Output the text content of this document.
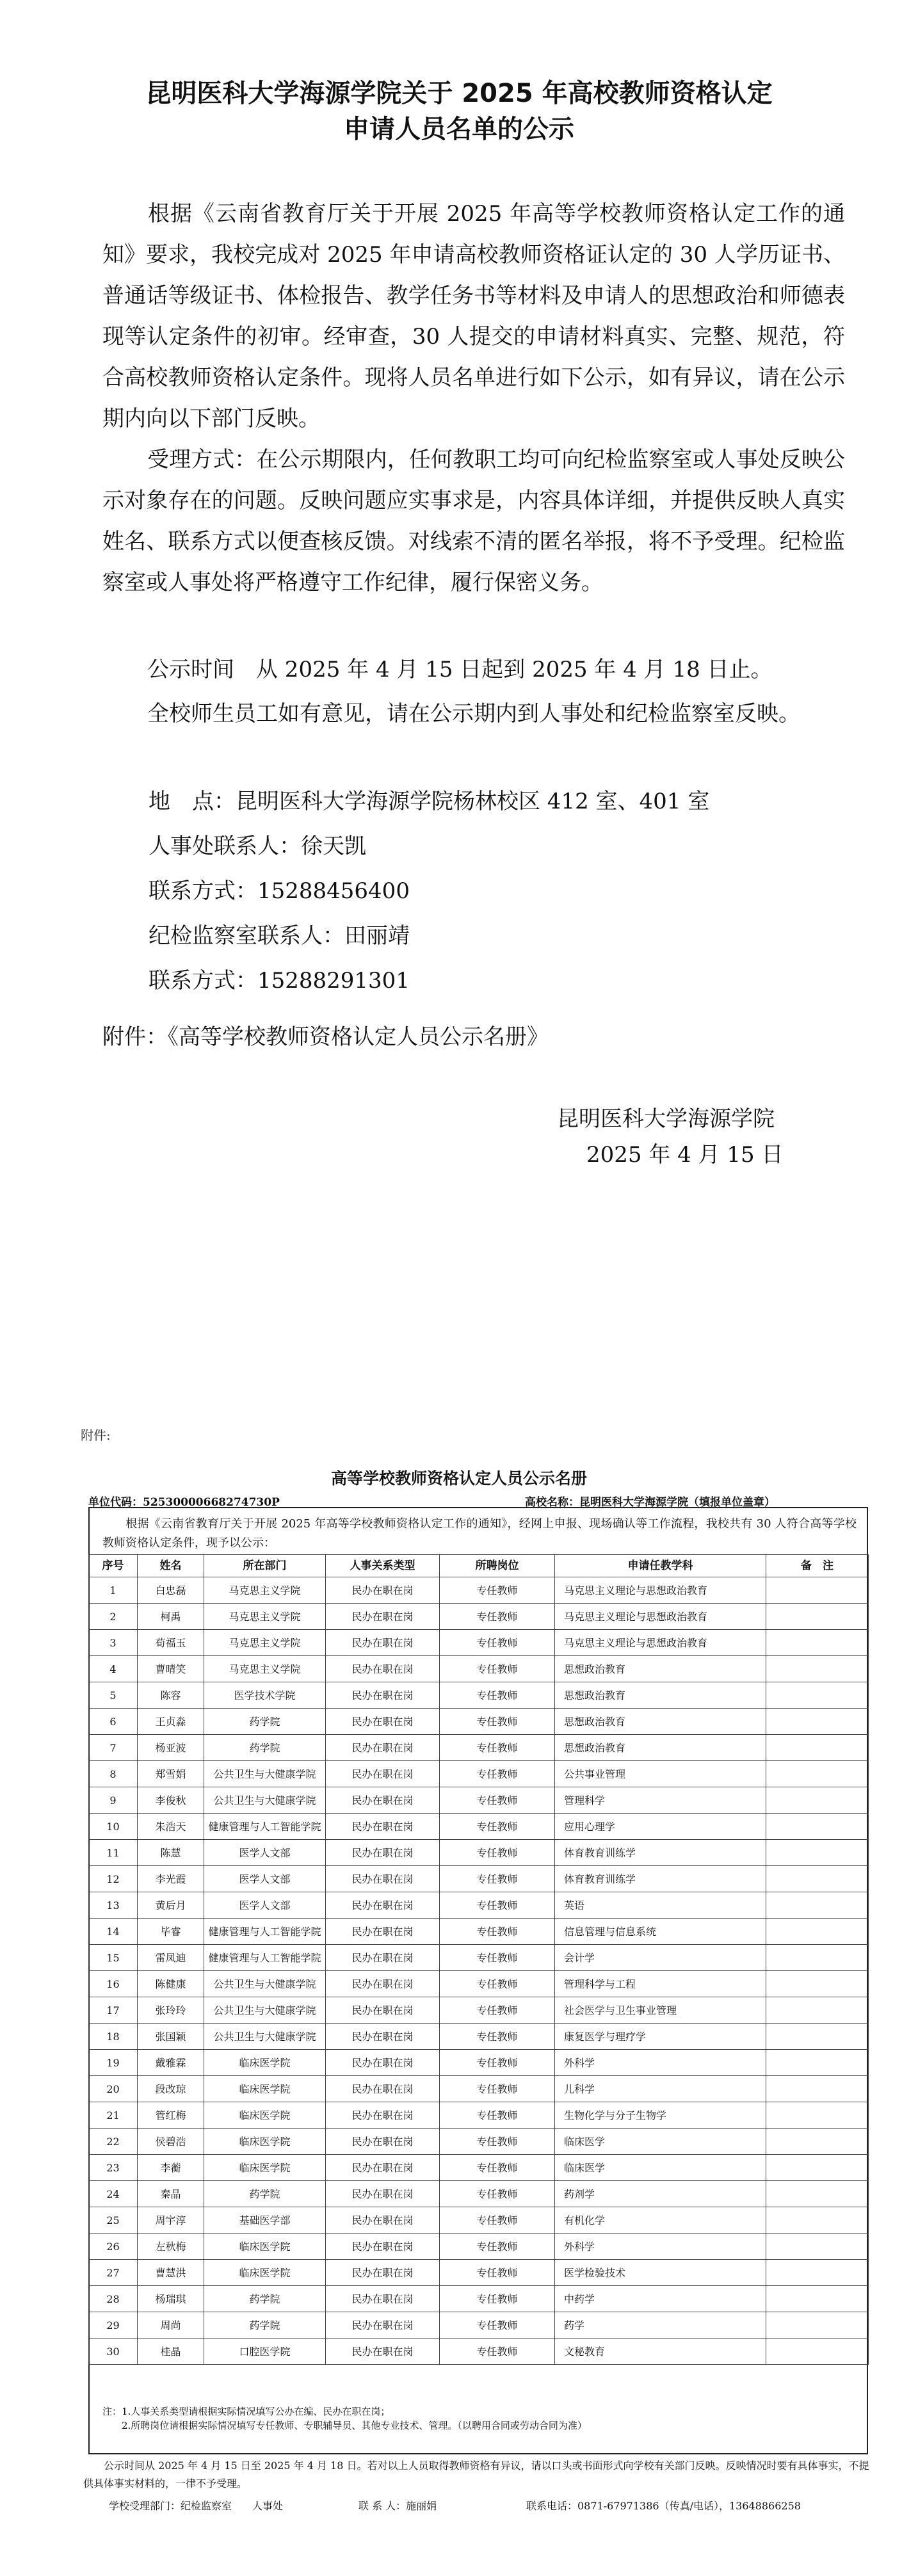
昆明医科大学海源学院关于 2025 年高校教师资格认定
申请人员名单的公示

根据《云南省教育厅关于开展 2025 年高等学校教师资格认定工作的通知》要求，我校完成对 2025 年申请高校教师资格证认定的 30 人学历证书、普通话等级证书、体检报告、教学任务书等材料及申请人的思想政治和师德表现等认定条件的初审。经审查，30 人提交的申请材料真实、完整、规范，符合高校教师资格认定条件。现将人员名单进行如下公示，如有异议，请在公示期内向以下部门反映。

受理方式：在公示期限内，任何教职工均可向纪检监察室或人事处反映公示对象存在的问题。反映问题应实事求是，内容具体详细，并提供反映人真实姓名、联系方式以便查核反馈。对线索不清的匿名举报，将不予受理。纪检监察室或人事处将严格遵守工作纪律，履行保密义务。

公示时间　从 2025 年 4 月 15 日起到 2025 年 4 月 18 日止。

全校师生员工如有意见，请在公示期内到人事处和纪检监察室反映。

地　点：昆明医科大学海源学院杨林校区 412 室、401 室
人事处联系人：徐天凯
联系方式：15288456400
纪检监察室联系人：田丽靖
联系方式：15288291301
附件：《高等学校教师资格认定人员公示名册》
昆明医科大学海源学院
2025 年 4 月 15 日
附件:
高等学校教师资格认定人员公示名册
单位代码：52530000668274730P	高校名称：昆明医科大学海源学院（填报单位盖章）

根据《云南省教育厅关于开展 2025 年高等学校教师资格认定工作的通知》，经网上申报、现场确认等工作流程，我校共有 30 人符合高等学校教师资格认定条件，现予以公示：

序号	姓名	所在部门	人事关系类型	所聘岗位	申请任教学科	备　注
1	白忠磊	马克思主义学院	民办在职在岗	专任教师	马克思主义理论与思想政治教育	
2	柯禹	马克思主义学院	民办在职在岗	专任教师	马克思主义理论与思想政治教育	
3	荀福玉	马克思主义学院	民办在职在岗	专任教师	马克思主义理论与思想政治教育	
4	曹晴笑	马克思主义学院	民办在职在岗	专任教师	思想政治教育	
5	陈容	医学技术学院	民办在职在岗	专任教师	思想政治教育	
6	王贞淼	药学院	民办在职在岗	专任教师	思想政治教育	
7	杨亚波	药学院	民办在职在岗	专任教师	思想政治教育	
8	郑雪娟	公共卫生与大健康学院	民办在职在岗	专任教师	公共事业管理	
9	李俊秋	公共卫生与大健康学院	民办在职在岗	专任教师	管理科学	
10	朱浩天	健康管理与人工智能学院	民办在职在岗	专任教师	应用心理学	
11	陈慧	医学人文部	民办在职在岗	专任教师	体育教育训练学	
12	李光霞	医学人文部	民办在职在岗	专任教师	体育教育训练学	
13	黄后月	医学人文部	民办在职在岗	专任教师	英语	
14	毕睿	健康管理与人工智能学院	民办在职在岗	专任教师	信息管理与信息系统	
15	雷凤迪	健康管理与人工智能学院	民办在职在岗	专任教师	会计学	
16	陈健康	公共卫生与大健康学院	民办在职在岗	专任教师	管理科学与工程	
17	张玲玲	公共卫生与大健康学院	民办在职在岗	专任教师	社会医学与卫生事业管理	
18	张国颖	公共卫生与大健康学院	民办在职在岗	专任教师	康复医学与理疗学	
19	戴雅霖	临床医学院	民办在职在岗	专任教师	外科学	
20	段改琼	临床医学院	民办在职在岗	专任教师	儿科学	
21	管红梅	临床医学院	民办在职在岗	专任教师	生物化学与分子生物学	
22	侯碧浩	临床医学院	民办在职在岗	专任教师	临床医学	
23	李蘅	临床医学院	民办在职在岗	专任教师	临床医学	
24	秦晶	药学院	民办在职在岗	专任教师	药剂学	
25	周宇淳	基础医学部	民办在职在岗	专任教师	有机化学	
26	左秋梅	临床医学院	民办在职在岗	专任教师	外科学	
27	曹慧洪	临床医学院	民办在职在岗	专任教师	医学检验技术	
28	杨瑞琪	药学院	民办在职在岗	专任教师	中药学	
29	周尚	药学院	民办在职在岗	专任教师	药学	
30	桂晶	口腔医学院	民办在职在岗	专任教师	文秘教育	
注：1.人事关系类型请根据实际情况填写公办在编、民办在职在岗；
　　2.所聘岗位请根据实际情况填写专任教师、专职辅导员、其他专业技术、管理。（以聘用合同或劳动合同为准）

公示时间从 2025 年 4 月 15 日至 2025 年 4 月 18 日。若对以上人员取得教师资格有异议，请以口头或书面形式向学校有关部门反映。反映情况时要有具体事实，不提供具体事实材料的，一律不予受理。

学校受理部门：纪检监察室　　人事处	联 系 人：施丽娟	联系电话：0871-67971386（传真/电话），13648866258
